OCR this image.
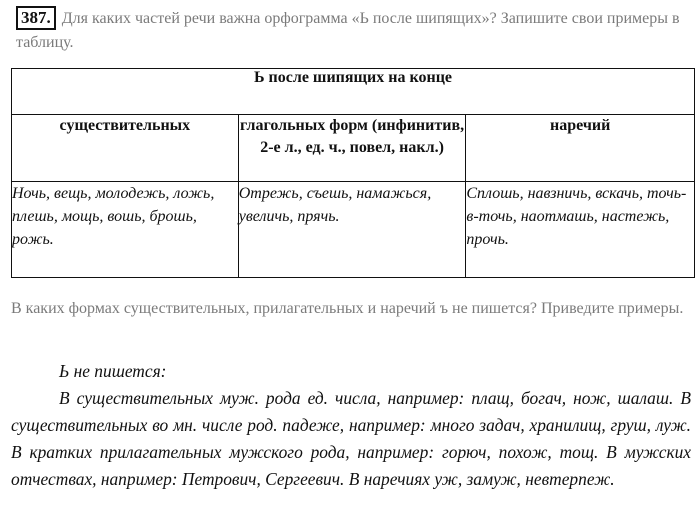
387. Для каких частей речи важна орфограмма «Ь после шипящих»? Запишите свои примеры в таблицу.
Ь после шипящих на конце		
существительных	глагольных форм (инфинитив, 2-е л., ед. ч., повел, накл.)	наречий
Ночь, вещь, молодежь, ложь, плешь, мощь, вошь, брошь, рожь.	Отрежь, съешь, намажься, увеличь, прячь.	Сплошь, навзничь, вскачь, точь-в-точь, наотмашь, настежь, прочь.
В каких формах существительных, прилагательных и наречий ъ не пишется? Приведите примеры.
Ь не пишется:
В существительных муж. рода ед. числа, например: плащ, богач, нож, шалаш. В существительных во мн. числе род. падеже, например: много задач, хранилищ, груш, луж. В кратких прилагательных мужского рода, например: горюч, похож, тощ. В мужских отчествах, например: Петрович, Сергеевич. В наречиях уж, замуж, невтерпеж.
